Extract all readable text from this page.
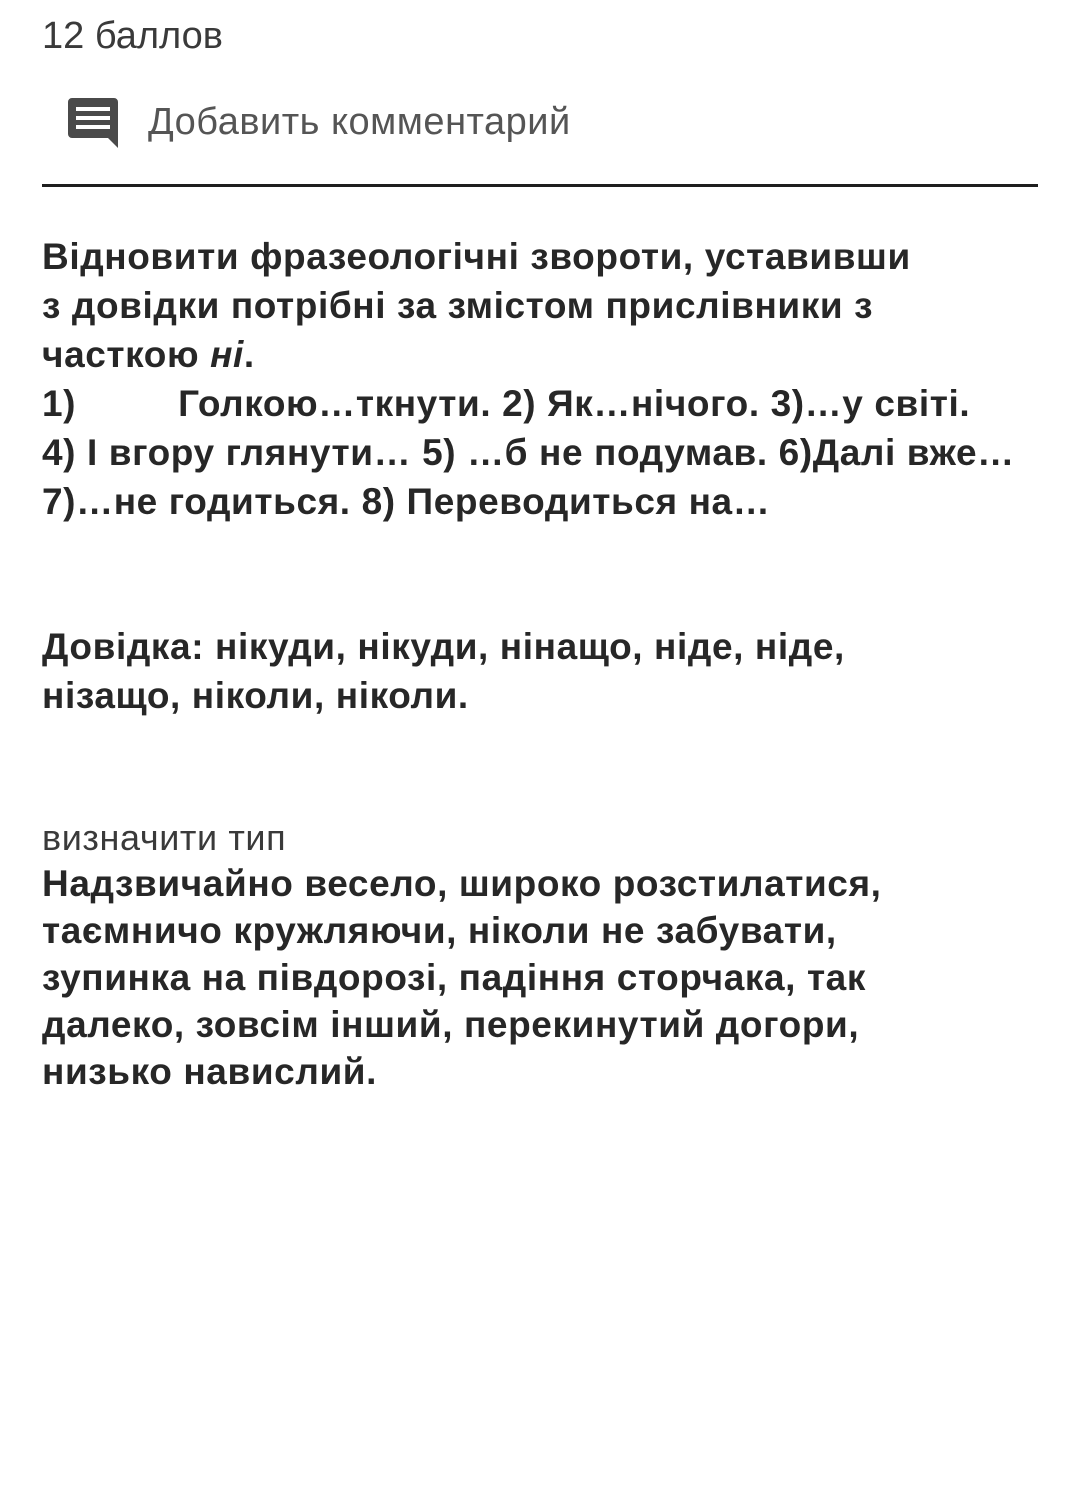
12 баллов
Добавить комментарий
Відновити фразеологічні звороти, уставивши
з довідки потрібні за змістом прислівники з
часткою ні.
1)	Голкою…ткнути. 2) Як…нічого. 3)…у світі.
4) І вгору глянути… 5) …б не подумав. 6)Далі вже…
7)…не годиться. 8) Переводиться на…
Довідка: нікуди, нікуди, нінащо, ніде, ніде,
нізащо, ніколи, ніколи.
визначити тип
Надзвичайно весело, широко розстилатися,
таємничо кружляючи, ніколи не забувати,
зупинка на півдорозі, падіння сторчака, так
далеко, зовсім інший, перекинутий догори,
низько навислий.
